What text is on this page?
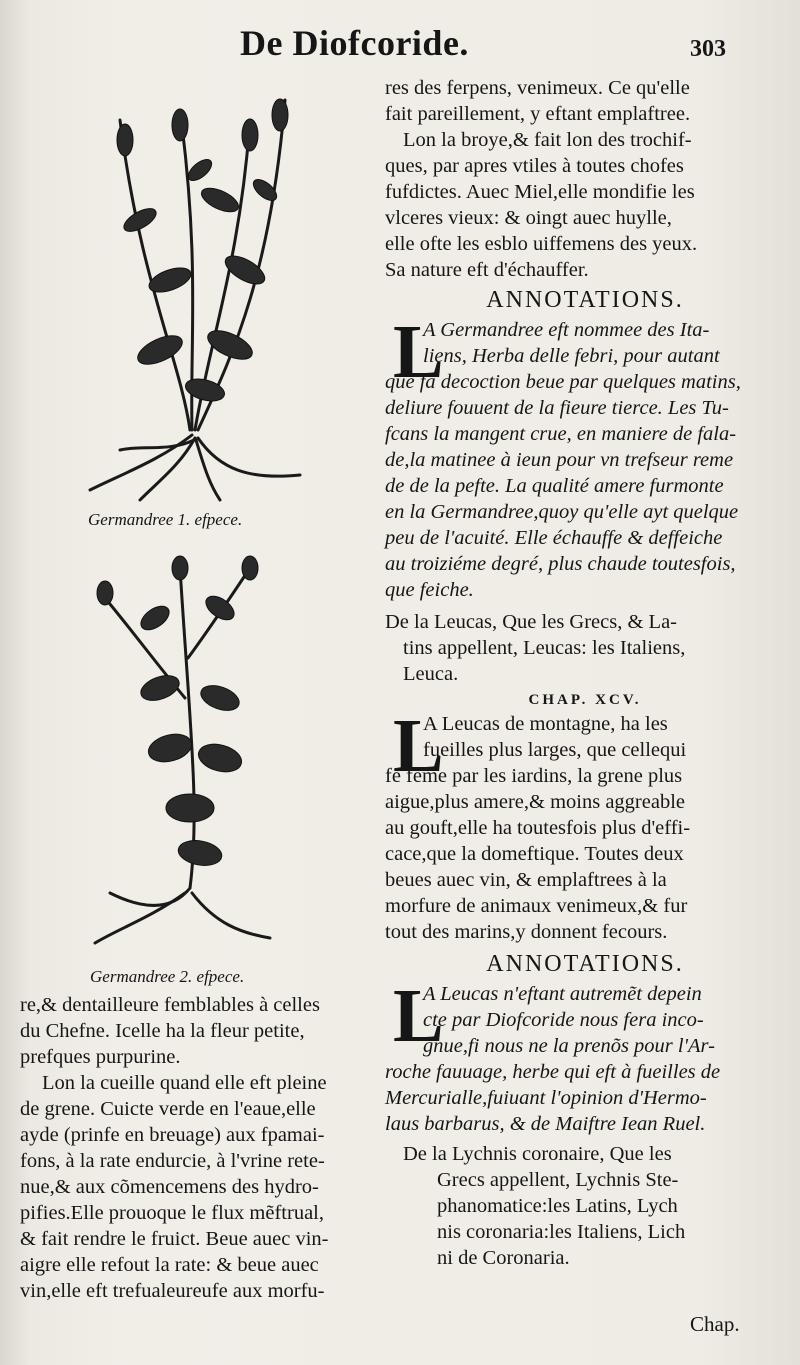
De Diofcoride.	303
Germandree 1. efpece.
Germandree 2. efpece.
res des ferpens, venimeux. Ce qu'elle
fait pareillement, y eftant emplaftree.
Lon la broye,& fait lon des trochif-
ques, par apres vtiles à toutes chofes
fufdictes. Auec Miel,elle mondifie les
vlceres vieux: & oingt auec huylle,
elle ofte les esblo uiffemens des yeux.
Sa nature eft d'échauffer.
ANNOTATIONS.
L
A Germandree eft nommee des Ita-
liens, Herba delle febri, pour autant
que fa decoction beue par quelques matins,
deliure fouuent de la fieure tierce. Les Tu-
fcans la mangent crue, en maniere de fala-
de,la matinee à ieun pour vn trefseur reme
de de la pefte. La qualité amere furmonte
en la Germandree,quoy qu'elle ayt quelque
peu de l'acuité. Elle échauffe & deffeiche
au troiziéme degré, plus chaude toutesfois,
que feiche.
De la Leucas, Que les Grecs, & La-
tins appellent, Leucas: les Italiens,
Leuca.
CHAP. XCV.
L
A Leucas de montagne, ha les
fueilles plus larges, que cellequi
fe feme par les iardins, la grene plus
aigue,plus amere,& moins aggreable
au gouft,elle ha toutesfois plus d'effi-
cace,que la domeftique. Toutes deux
beues auec vin, & emplaftrees à la
morfure de animaux venimeux,& fur
tout des marins,y donnent fecours.
ANNOTATIONS.
L
A Leucas n'eftant autremẽt depein
cte par Diofcoride nous fera inco-
gnue,fi nous ne la prenõs pour l'Ar-
roche fauuage, herbe qui eft à fueilles de
Mercurialle,fuiuant l'opinion d'Hermo-
laus barbarus, & de Maiftre Iean Ruel.
De la Lychnis coronaire, Que les
Grecs appellent, Lychnis Ste-
phanomatice:les Latins, Lych
nis coronaria:les Italiens, Lich
ni de Coronaria.
Chap.
re,& dentailleure femblables à celles
du Chefne. Icelle ha la fleur petite,
prefques purpurine.
Lon la cueille quand elle eft pleine
de grene. Cuicte verde en l'eaue,elle
ayde (prinfe en breuage) aux fpamai-
fons, à la rate endurcie, à l'vrine rete-
nue,& aux cõmencemens des hydro-
pifies.Elle prouoque le flux mẽftrual,
& fait rendre le fruict. Beue auec vin-
aigre elle refout la rate: & beue auec
vin,elle eft trefualeureufe aux morfu-
